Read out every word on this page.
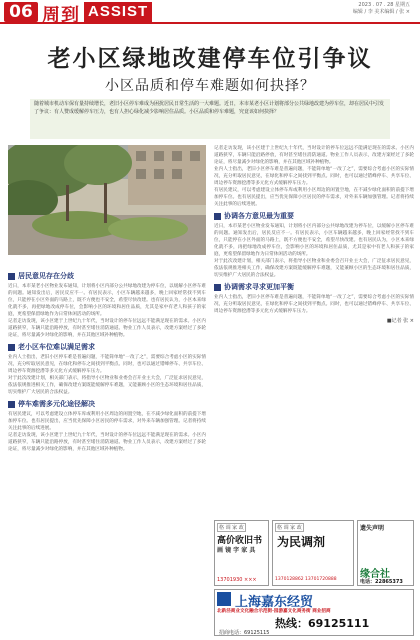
06 周到 ASSIST	2023 . 07 . 28 星期五
编辑 / 李 美术编辑 / 张 ×
老小区绿地改建停车位引争议
小区品质和停车难题如何抉择？
随着城市机动车保有量持续增长，老旧小区停车难成为困扰居民日常生活的一大难题。近日，本市某老小区计划将部分公共绿地改建为停车位，却在居民中引发了争议：有人赞成缓解停车压力，也有人担心绿化减少影响居住品质。小区品质和停车难题，究竟该如何抉择？
居民意见存在分歧

近日，本市某老小区物业发布通知，计划将小区内部分公共绿地改建为停车位，以缓解小区停车难的问题。通知发出后，居民反应不一。有居民表示，小区车辆越来越多，晚上回家经常找不到车位，只能停在小区外面的马路上，既不方便也不安全，希望尽快改建。也有居民认为，小区本来绿化就不多，再把绿地改成停车位，会影响小区的环境和居住品质，尤其是家中有老人和孩子的家庭，更希望保留绿地作为日常休闲活动的场所。

记者走访发现，该小区建于上世纪九十年代，当时设计的停车位远远不能满足现在的需求。小区内道路狭窄，车辆只能沿路停放，有时甚至堵住消防通道。物业工作人员表示，改建方案经过了多轮论证，将尽量减少对绿化的影响，并在其他区域补种植物。

老小区车位难以满足需求

业内人士指出，老旧小区停车难是普遍问题，不能简单地“一改了之”，需要综合考虑小区的实际情况，充分听取居民意见，在绿化和停车之间找到平衡点。同时，也可以通过错峰停车、共享车位、周边停车资源挖潜等多元化方式缓解停车压力。

对于此次改建计划，相关部门表示，将指导小区物业和业委会召开业主大会，广泛征求居民意见，依法依规推进相关工作，确保改建方案既能缓解停车难题，又能兼顾小区的生态环境和居住品质，切实维护广大居民的合法权益。

停车难需多元化途径解决

有居民建议，可以考虑建设立体停车库或利用小区周边的闲置空地，在不减少绿化面积的前提下增加停车位。也有居民提出，应当优先保障小区居民的停车需求，对外来车辆加强管理。记者将持续关注此事的后续进展。

记者走访发现，该小区建于上世纪九十年代，当时设计的停车位远远不能满足现在的需求。小区内道路狭窄，车辆只能沿路停放，有时甚至堵住消防通道。物业工作人员表示，改建方案经过了多轮论证，将尽量减少对绿化的影响，并在其他区域补种植物。

记者走访发现，该小区建于上世纪九十年代，当时设计的停车位远远不能满足现在的需求。小区内道路狭窄，车辆只能沿路停放，有时甚至堵住消防通道。物业工作人员表示，改建方案经过了多轮论证，将尽量减少对绿化的影响，并在其他区域补种植物。

业内人士指出，老旧小区停车难是普遍问题，不能简单地“一改了之”，需要综合考虑小区的实际情况，充分听取居民意见，在绿化和停车之间找到平衡点。同时，也可以通过错峰停车、共享车位、周边停车资源挖潜等多元化方式缓解停车压力。

有居民建议，可以考虑建设立体停车库或利用小区周边的闲置空地，在不减少绿化面积的前提下增加停车位。也有居民提出，应当优先保障小区居民的停车需求，对外来车辆加强管理。记者将持续关注此事的后续进展。

协调各方意见最为重要

近日，本市某老小区物业发布通知，计划将小区内部分公共绿地改建为停车位，以缓解小区停车难的问题。通知发出后，居民反应不一。有居民表示，小区车辆越来越多，晚上回家经常找不到车位，只能停在小区外面的马路上，既不方便也不安全，希望尽快改建。也有居民认为，小区本来绿化就不多，再把绿地改成停车位，会影响小区的环境和居住品质，尤其是家中有老人和孩子的家庭，更希望保留绿地作为日常休闲活动的场所。

对于此次改建计划，相关部门表示，将指导小区物业和业委会召开业主大会，广泛征求居民意见，依法依规推进相关工作，确保改建方案既能缓解停车难题，又能兼顾小区的生态环境和居住品质，切实维护广大居民的合法权益。

协调需求寻求更加平衡

业内人士指出，老旧小区停车难是普遍问题，不能简单地“一改了之”，需要综合考虑小区的实际情况，充分听取居民意见，在绿化和停车之间找到平衡点。同时，也可以通过错峰停车、共享车位、周边停车资源挖潜等多元化方式缓解停车压力。

■记者 张 ×
格 调 家 政
高价收旧书
画 镜 字 家 具
13701930 ×××
格 调 家 政
为民调剂
1370128862 13701720888
遗失声明
缘合社
电话：22865373
上海嘉东经贸
北新泾商业文化融合示范街·园游嘉文化商务街 商业招商
热线：69125111
招商电话：69125115
